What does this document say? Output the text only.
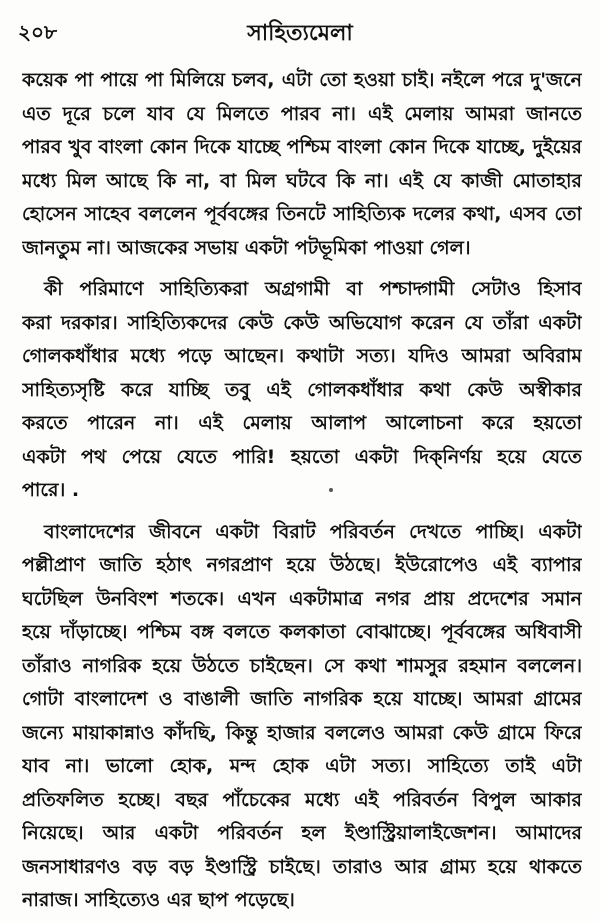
২০৮	সাহিত্যমেলা
কয়েক পা পায়ে পা মিলিয়ে চলব, এটা তো হওয়া চাই। নইলে পরে দু'জনে
এত দূরে চলে যাব যে মিলতে পারব না। এই মেলায় আমরা জানতে
পারব খুব বাংলা কোন দিকে যাচ্ছে পশ্চিম বাংলা কোন দিকে যাচ্ছে, দুইয়ের
মধ্যে মিল আছে কি না, বা মিল ঘটবে কি না। এই যে কাজী মোতাহার
হোসেন সাহেব বললেন পূর্ববঙ্গের তিনটে সাহিত্যিক দলের কথা, এসব তো
জানতুম না। আজকের সভায় একটা পটভূমিকা পাওয়া গেল।
কী পরিমাণে সাহিত্যিকরা অগ্রগামী বা পশ্চাদ্গামী সেটাও হিসাব
করা দরকার। সাহিত্যিকদের কেউ কেউ অভিযোগ করেন যে তাঁরা একটা
গোলকধাঁধার মধ্যে পড়ে আছেন। কথাটা সত্য। যদিও আমরা অবিরাম
সাহিত্যসৃষ্টি করে যাচ্ছি তবু এই গোলকধাঁধার কথা কেউ অস্বীকার
করতে পারেন না। এই মেলায় আলাপ আলোচনা করে হয়তো
একটা পথ পেয়ে যেতে পারি! হয়তো একটা দিক্‌নির্ণয় হয়ে যেতে
পারে। .
বাংলাদেশের জীবনে একটা বিরাট পরিবর্তন দেখতে পাচ্ছি। একটা
পল্লীপ্রাণ জাতি হঠাৎ নগরপ্রাণ হয়ে উঠছে। ইউরোপেও এই ব্যাপার
ঘটেছিল উনবিংশ শতকে। এখন একটামাত্র নগর প্রায় প্রদেশের সমান
হয়ে দাঁড়াচ্ছে। পশ্চিম বঙ্গ বলতে কলকাতা বোঝাচ্ছে। পূর্ববঙ্গের অধিবাসী
তাঁরাও নাগরিক হয়ে উঠতে চাইছেন। সে কথা শামসুর রহমান বললেন।
গোটা বাংলাদেশ ও বাঙালী জাতি নাগরিক হয়ে যাচ্ছে। আমরা গ্রামের
জন্যে মায়াকান্নাও কাঁদছি, কিন্তু হাজার বললেও আমরা কেউ গ্রামে ফিরে
যাব না। ভালো হোক, মন্দ হোক এটা সত্য। সাহিত্যে তাই এটা
প্রতিফলিত হচ্ছে। বছর পাঁচেকের মধ্যে এই পরিবর্তন বিপুল আকার
নিয়েছে। আর একটা পরিবর্তন হল ইণ্ডাস্ট্রিয়ালাইজেশন। আমাদের
জনসাধারণও বড় বড় ইণ্ডাস্ট্রি চাইছে। তারাও আর গ্রাম্য হয়ে থাকতে
নারাজ। সাহিত্যেও এর ছাপ পড়েছে।
